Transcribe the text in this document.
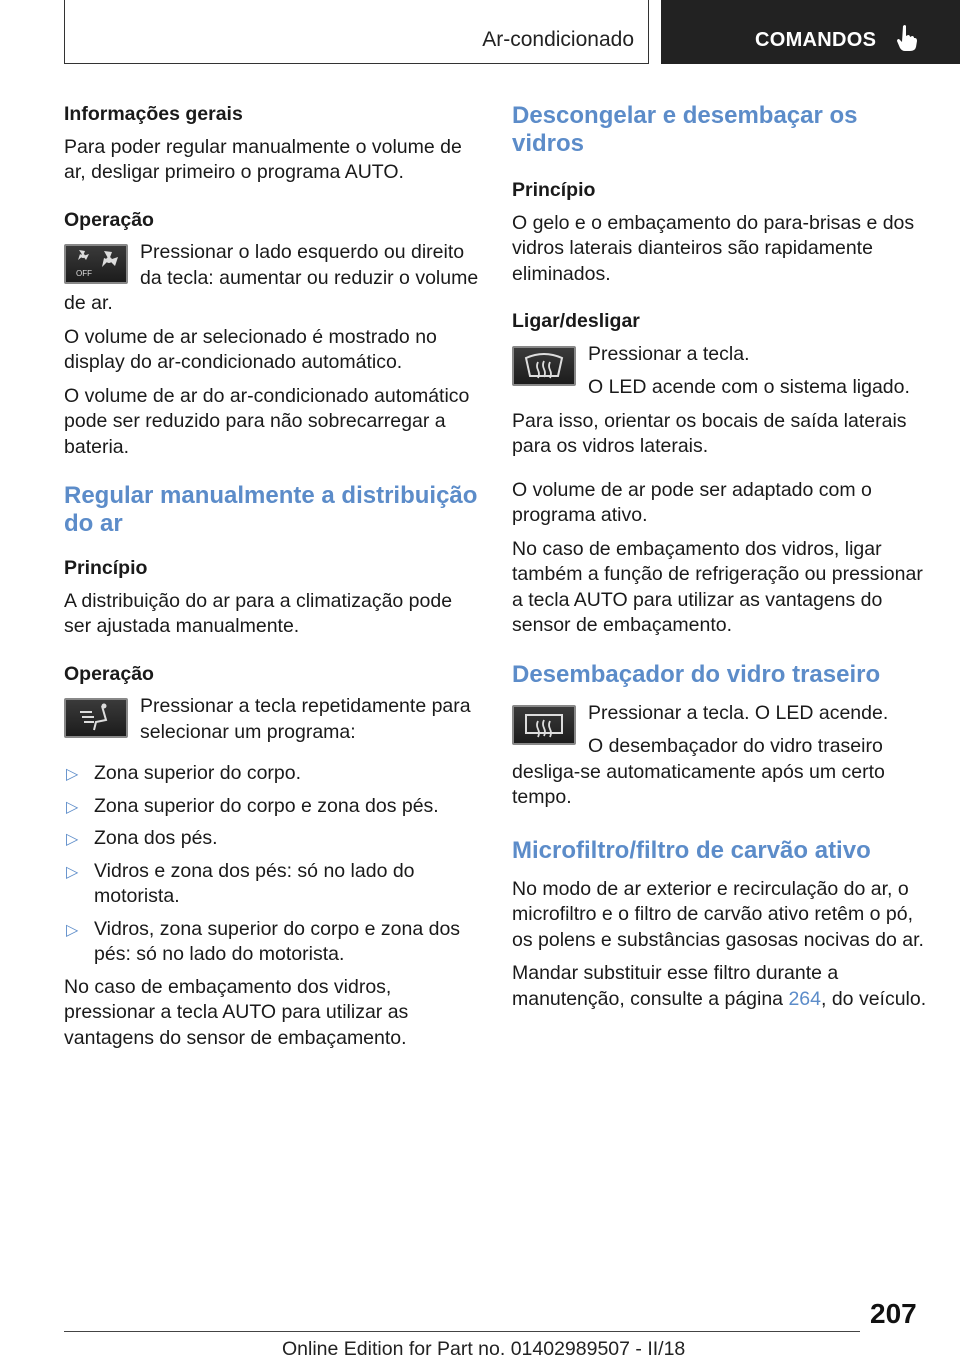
Ar-condicionado	COMANDOS

Informações gerais

Para poder regular manualmente o volume de ar, desligar primeiro o programa AUTO.

Operação

OFF

Pressionar o lado esquerdo ou direito da tecla: aumentar ou reduzir o volume de ar.

O volume de ar selecionado é mostrado no display do ar-condicionado automático.

O volume de ar do ar-condicionado automático pode ser reduzido para não sobrecarregar a bateria.

Regular manualmente a distribuição do ar

Princípio

A distribuição do ar para a climatização pode ser ajustada manualmente.

Operação

Pressionar a tecla repetidamente para selecionar um programa:

▷ Zona superior do corpo.
▷ Zona superior do corpo e zona dos pés.
▷ Zona dos pés.
▷ Vidros e zona dos pés: só no lado do motorista.
▷ Vidros, zona superior do corpo e zona dos pés: só no lado do motorista.

No caso de embaçamento dos vidros, pressionar a tecla AUTO para utilizar as vantagens do sensor de embaçamento.

Descongelar e desembaçar os vidros

Princípio

O gelo e o embaçamento do para-brisas e dos vidros laterais dianteiros são rapidamente eliminados.

Ligar/desligar

Pressionar a tecla.

O LED acende com o sistema ligado.

Para isso, orientar os bocais de saída laterais para os vidros laterais.

O volume de ar pode ser adaptado com o programa ativo.

No caso de embaçamento dos vidros, ligar também a função de refrigeração ou pressionar a tecla AUTO para utilizar as vantagens do sensor de embaçamento.

Desembaçador do vidro traseiro

Pressionar a tecla. O LED acende.

O desembaçador do vidro traseiro desliga-se automaticamente após um certo tempo.

Microfiltro/filtro de carvão ativo

No modo de ar exterior e recirculação do ar, o microfiltro e o filtro de carvão ativo retêm o pó, os polens e substâncias gasosas nocivas do ar.

Mandar substituir esse filtro durante a manutenção, consulte a página 264, do veículo.

207
Online Edition for Part no. 01402989507 - II/18
